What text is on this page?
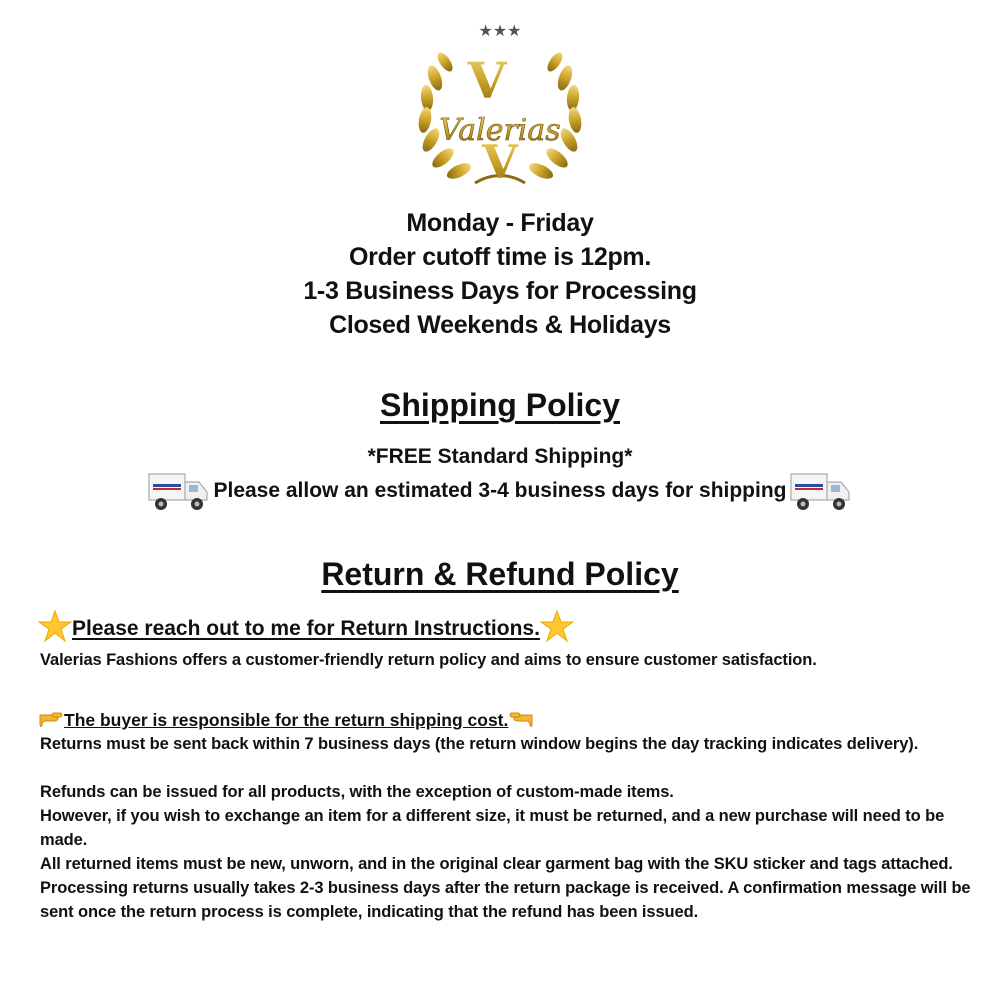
★★★
V
Valerias
V
Monday - Friday
Order cutoff time is 12pm.
1-3 Business Days for Processing
Closed Weekends & Holidays
Shipping Policy
*FREE Standard Shipping*
Please allow an estimated 3-4 business days for shipping
Return & Refund Policy
Please reach out to me for Return Instructions.
Valerias Fashions offers a customer-friendly return policy and aims to ensure customer satisfaction.
The buyer is responsible for the return shipping cost.
Returns must be sent back within 7 business days (the return window begins the day tracking indicates delivery).
Refunds can be issued for all products, with the exception of custom-made items.
However, if you wish to exchange an item for a different size, it must be returned, and a new purchase will need to be made.
All returned items must be new, unworn, and in the original clear garment bag with the SKU sticker and tags attached.
Processing returns usually takes 2-3 business days after the return package is received. A confirmation message will be sent once the return process is complete, indicating that the refund has been issued.
